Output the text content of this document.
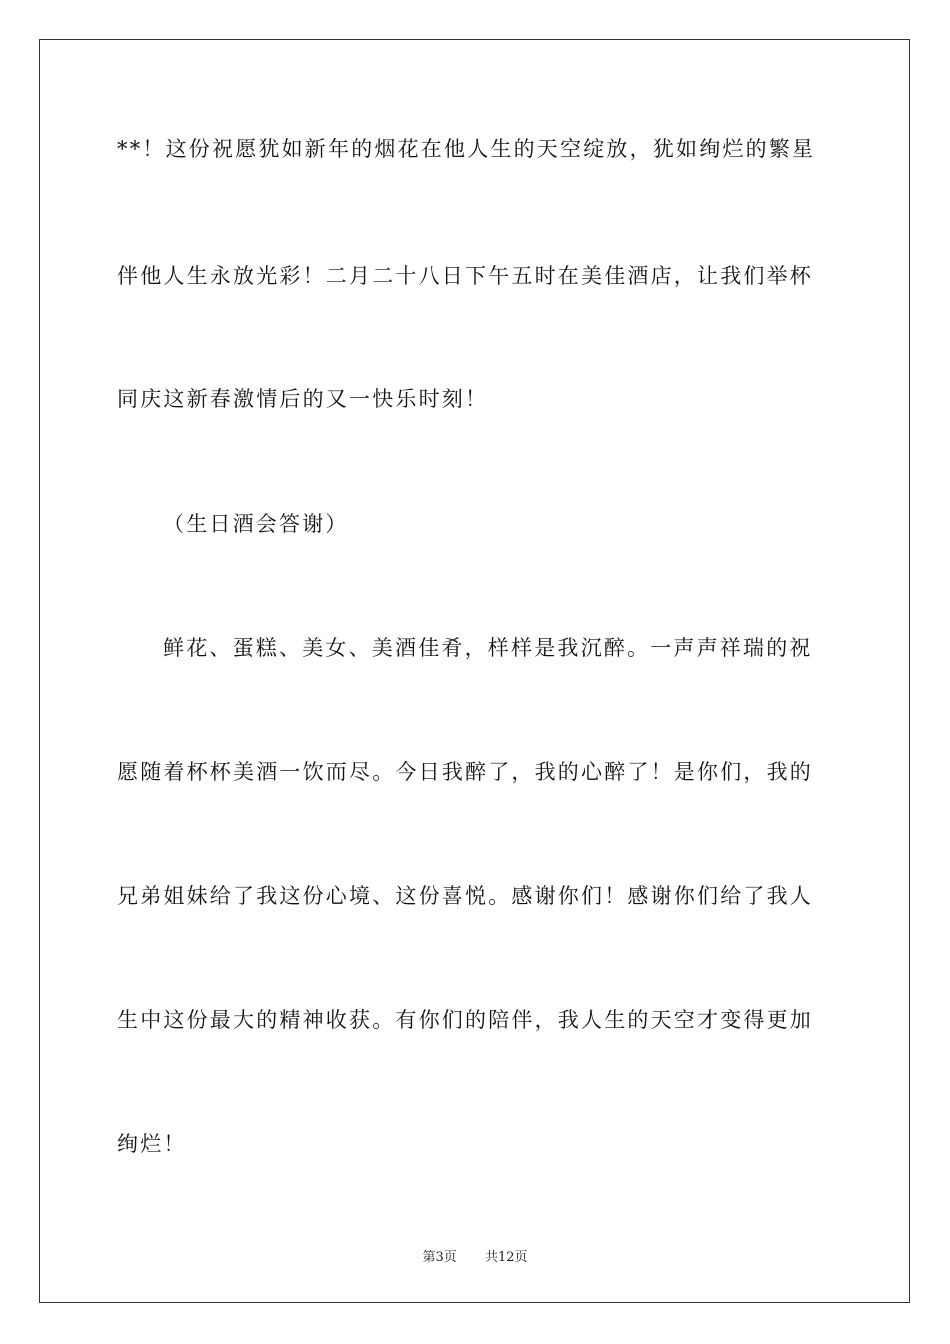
**！这份祝愿犹如新年的烟花在他人生的天空绽放，犹如绚烂的繁星
伴他人生永放光彩！二月二十八日下午五时在美佳酒店，让我们举杯
同庆这新春激情后的又一快乐时刻！
（生日酒会答谢）
鲜花、蛋糕、美女、美酒佳肴，样样是我沉醉。一声声祥瑞的祝
愿随着杯杯美酒一饮而尽。今日我醉了，我的心醉了！是你们，我的
兄弟姐妹给了我这份心境、这份喜悦。感谢你们！感谢你们给了我人
生中这份最大的精神收获。有你们的陪伴，我人生的天空才变得更加
绚烂！
第3页 共12页
